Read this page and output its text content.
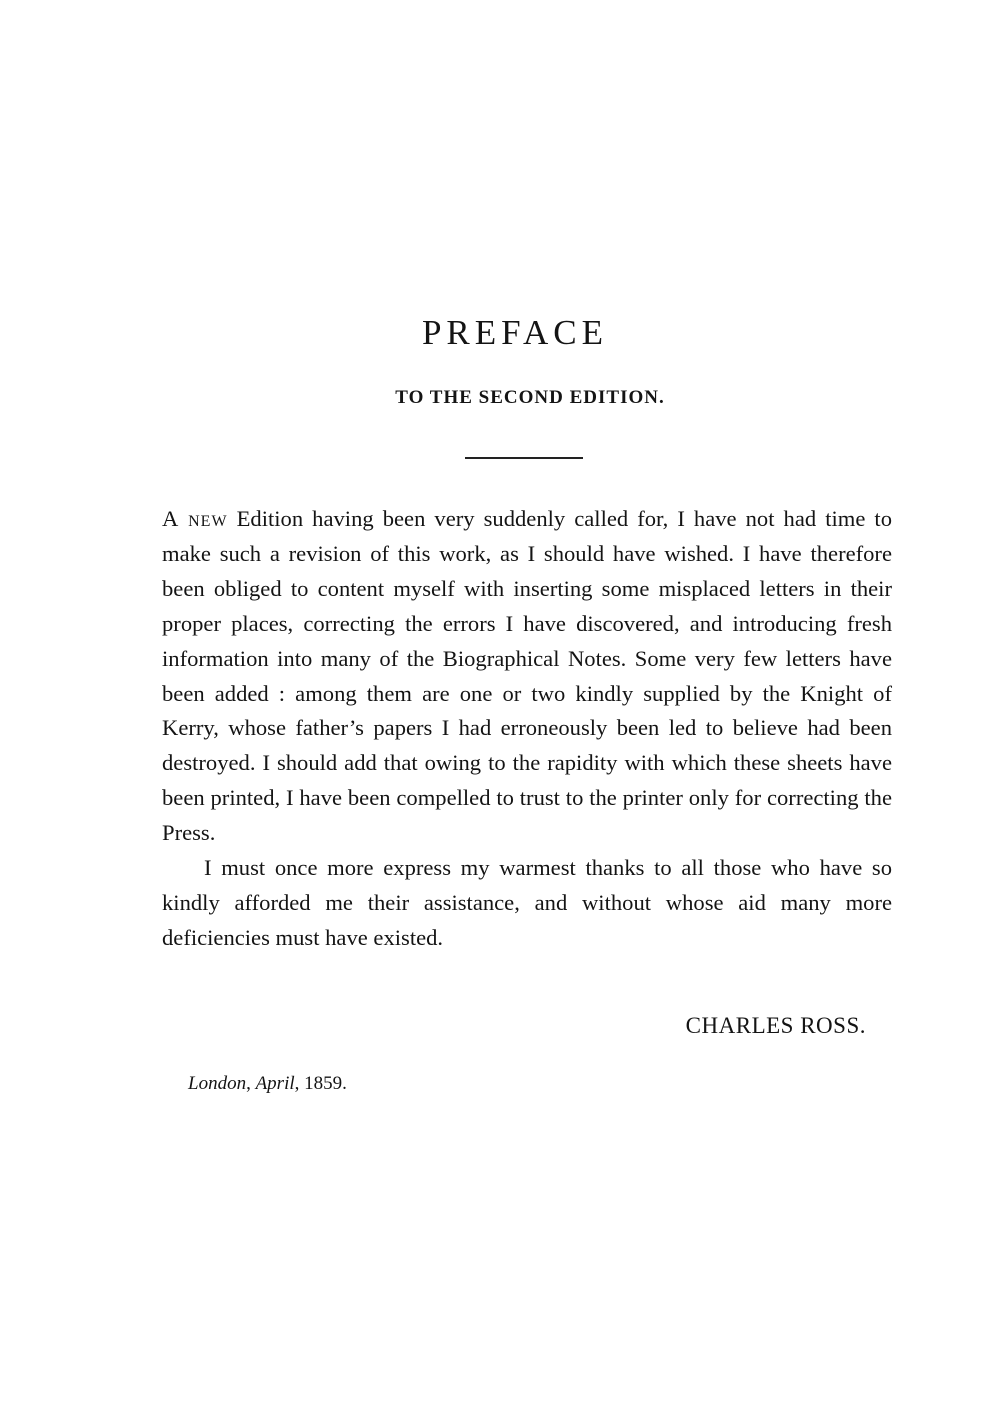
PREFACE
TO THE SECOND EDITION.

A new Edition having been very suddenly called for, I have not had time to make such a revision of this work, as I should have wished. I have therefore been obliged to content myself with inserting some misplaced letters in their proper places, correcting the errors I have discovered, and introducing fresh information into many of the Biographical Notes. Some very few letters have been added : among them are one or two kindly supplied by the Knight of Kerry, whose father’s papers I had erroneously been led to believe had been destroyed. I should add that owing to the rapidity with which these sheets have been printed, I have been compelled to trust to the printer only for correcting the Press.

I must once more express my warmest thanks to all those who have so kindly afforded me their assistance, and without whose aid many more deficiencies must have existed.

CHARLES ROSS.

London, April, 1859.
